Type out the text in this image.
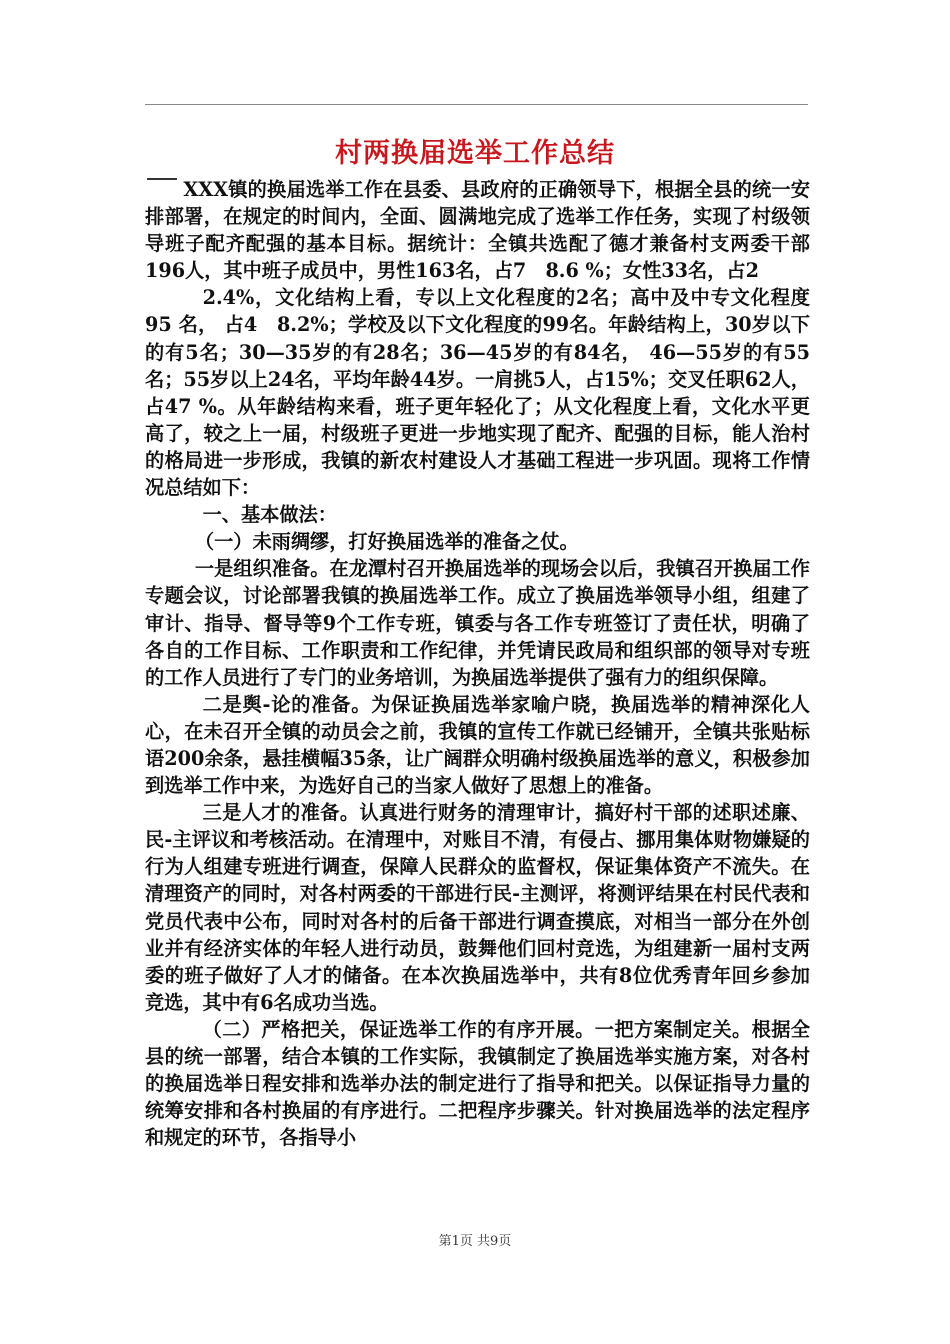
村两换届选举工作总结

XXX镇的换届选举工作在县委、县政府的正确领导下，根据全县的统一安排部署，在规定的时间内，全面、圆满地完成了选举工作任务，实现了村级领导班子配齐配强的基本目标。据统计：全镇共选配了德才兼备村支两委干部196人，其中班子成员中，男性163名，占7　8.6 %；女性33名，占2

2.4%，文化结构上看，专以上文化程度的2名；高中及中专文化程度95 名， 占4　8.2%；学校及以下文化程度的99名。年龄结构上，30岁以下的有5名；30—35岁的有28名；36—45岁的有84名， 46—55岁的有55名；55岁以上24名，平均年龄44岁。一肩挑5人，占15%；交叉任职62人，占47 %。从年龄结构来看，班子更年轻化了；从文化程度上看，文化水平更高了，较之上一届，村级班子更进一步地实现了配齐、配强的目标，能人治村的格局进一步形成，我镇的新农村建设人才基础工程进一步巩固。现将工作情况总结如下：

一、基本做法：

（一）未雨绸缪，打好换届选举的准备之仗。

一是组织准备。在龙潭村召开换届选举的现场会以后，我镇召开换届工作专题会议，讨论部署我镇的换届选举工作。成立了换届选举领导小组，组建了审计、指导、督导等9个工作专班，镇委与各工作专班签订了责任状，明确了各自的工作目标、工作职责和工作纪律，并凭请民政局和组织部的领导对专班的工作人员进行了专门的业务培训，为换届选举提供了强有力的组织保障。

二是舆-论的准备。为保证换届选举家喻户晓，换届选举的精神深化人心，在未召开全镇的动员会之前，我镇的宣传工作就已经铺开，全镇共张贴标语200余条，悬挂横幅35条，让广阔群众明确村级换届选举的意义，积极参加到选举工作中来，为选好自己的当家人做好了思想上的准备。

三是人才的准备。认真进行财务的清理审计，搞好村干部的述职述廉、民-主评议和考核活动。在清理中，对账目不清，有侵占、挪用集体财物嫌疑的行为人组建专班进行调查，保障人民群众的监督权，保证集体资产不流失。在清理资产的同时，对各村两委的干部进行民-主测评，将测评结果在村民代表和党员代表中公布，同时对各村的后备干部进行调查摸底，对相当一部分在外创业并有经济实体的年轻人进行动员，鼓舞他们回村竞选，为组建新一届村支两委的班子做好了人才的储备。在本次换届选举中，共有8位优秀青年回乡参加竞选，其中有6名成功当选。

（二）严格把关，保证选举工作的有序开展。一把方案制定关。根据全县的统一部署，结合本镇的工作实际，我镇制定了换届选举实施方案，对各村的换届选举日程安排和选举办法的制定进行了指导和把关。以保证指导力量的统筹安排和各村换届的有序进行。二把程序步骤关。针对换届选举的法定程序和规定的环节，各指导小

第1页 共9页
